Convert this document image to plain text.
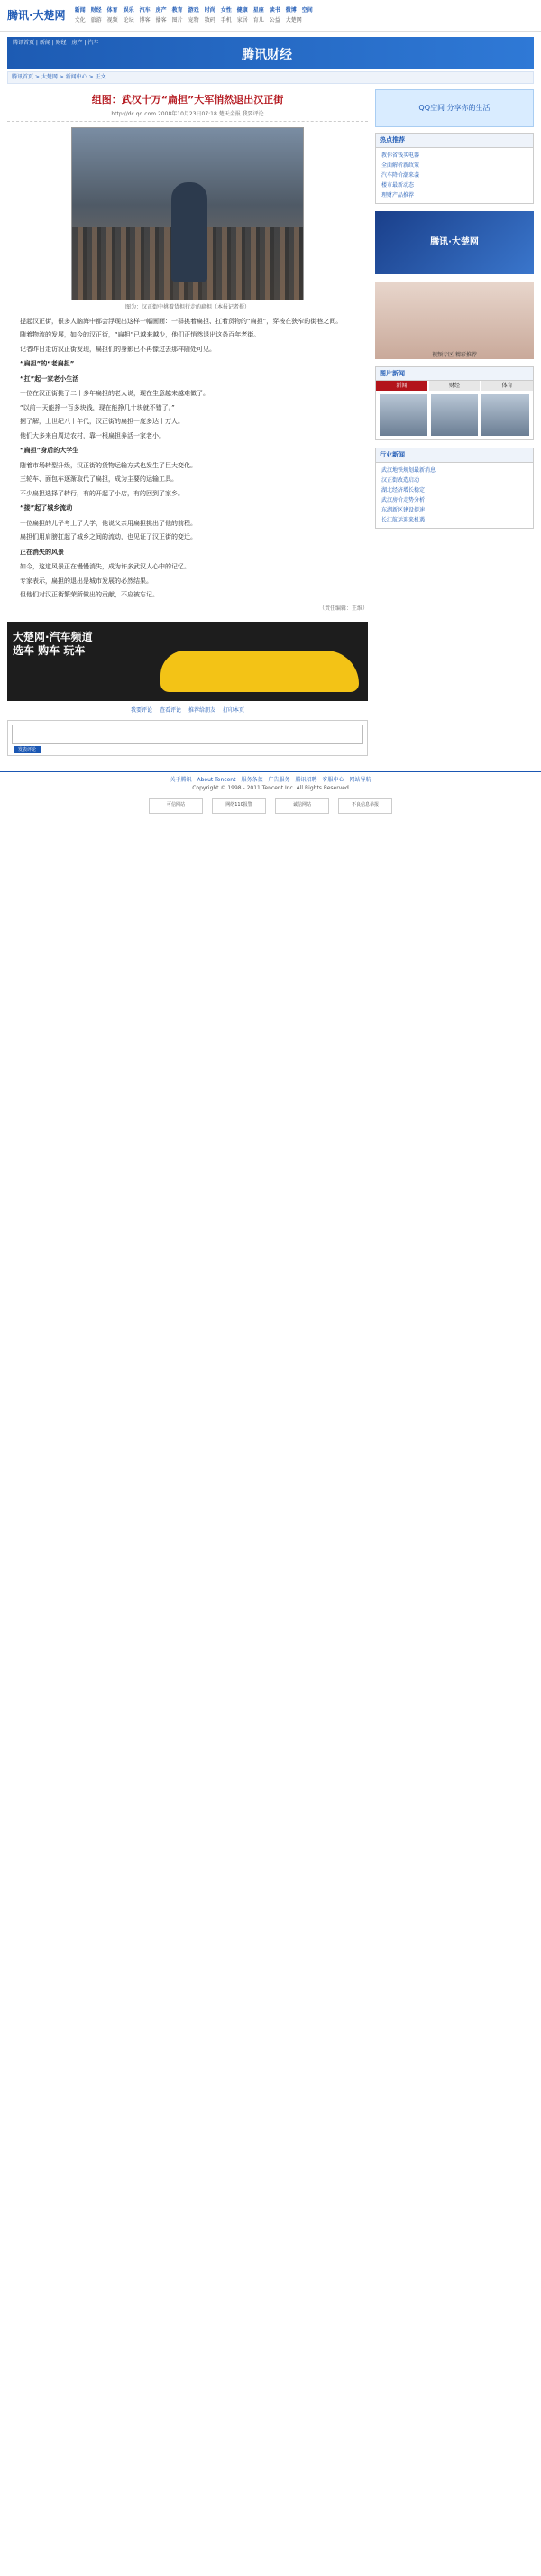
腾讯·大楚网 新闻 财经 体育 娱乐 汽车 房产 教育 游戏 时尚 女性 健康 星座 读书 微博 空间
文化 旅游 视频 论坛 博客 播客 图片 宠物 数码 手机 家居 育儿 公益 大楚网
腾讯首页 | 新闻 | 财经 | 房产 | 汽车
腾讯财经
腾讯首页 > 大楚网 > 新闻中心 > 正文
组图：武汉十万“扁担”大军悄然退出汉正街
http://dc.qq.com 2008年10月23日07:18 楚天金报 我要评论
图为：汉正街中挑着货担行走的扁担（本报记者摄）

提起汉正街，很多人脑海中都会浮现出这样一幅画面：一群挑着扁担、扛着货物的“扁担”，穿梭在狭窄的街巷之间。

随着物流的发展，如今的汉正街，“扁担”已越来越少，他们正悄然退出这条百年老街。

记者昨日走访汉正街发现，扁担们的身影已不再像过去那样随处可见。

“扁担”的“老扁担”

“扛”起一家老小生活

一位在汉正街挑了二十多年扁担的老人说，现在生意越来越难做了。

“以前一天能挣一百多块钱，现在能挣几十块就不错了。”

据了解，上世纪八十年代，汉正街的扁担一度多达十万人。

他们大多来自周边农村，靠一根扁担养活一家老小。

“扁担”身后的大学生

随着市场转型升级，汉正街的货物运输方式也发生了巨大变化。

三轮车、面包车逐渐取代了扁担，成为主要的运输工具。

不少扁担选择了转行，有的开起了小店，有的回到了家乡。

“接”起了城乡流动

一位扁担的儿子考上了大学，他说父亲用扁担挑出了他的前程。

扁担们用肩膀扛起了城乡之间的流动，也见证了汉正街的变迁。

正在消失的风景

如今，这道风景正在慢慢消失，成为许多武汉人心中的记忆。

专家表示，扁担的退出是城市发展的必然结果。

但他们对汉正街繁荣所做出的贡献，不应被忘记。

（责任编辑：王维）
大楚网·汽车频道
选车 购车 玩车
我要评论 查看评论 推荐给朋友 打印本页
发表评论
QQ空间 分享你的生活
热点推荐
教你省钱买电器
全面解析新政策
汽车降价潮来袭
楼市最新动态
理财产品推荐
腾讯·大楚网
视频专区 精彩推荐
图片新闻
新闻	财经	体育
行业新闻
武汉地铁规划最新消息
汉正街改造启动
湖北经济增长稳定
武汉房价走势分析
东湖新区建设提速
长江航运迎来机遇
关于腾讯 About Tencent 服务条款 广告服务 腾讯招聘 客服中心 网站导航
Copyright © 1998 - 2011 Tencent Inc. All Rights Reserved
可信网站	网络110报警	诚信网站	不良信息举报
